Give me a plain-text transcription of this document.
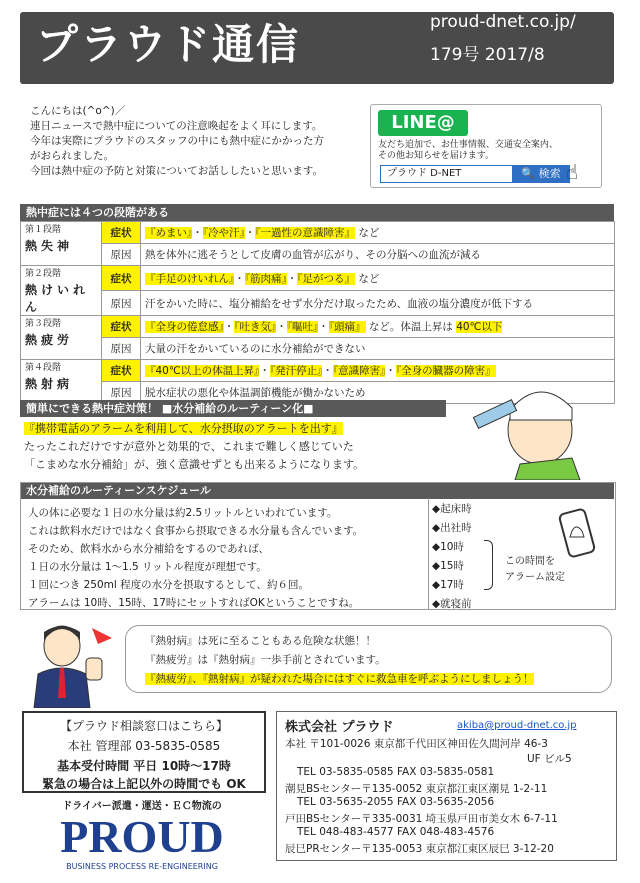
プラウド通信	proud-dnet.co.jp/
179号 2017/8
こんにちは(^o^)／
連日ニュースで熱中症についての注意喚起をよく耳にします。
今年は実際にプラウドのスタッフの中にも熱中症にかかった方
がおられました。
今回は熱中症の予防と対策についてお話ししたいと思います。
LINE@
友だち追加で、お仕事情報、交通安全案内、
その他お知らせを届けます。
プラウド D-NET	🔍 検索 ☝
熱中症には４つの段階がある
第１段階
熱失神	症状	『めまい』・『冷や汗』・『一過性の意識障害』 など
	原因	熱を体外に逃そうとして皮膚の血管が広がり、その分脳への血流が減る
第２段階
熱けいれん	症状	『手足のけいれん』・『筋肉痛』・『足がつる』 など
	原因	汗をかいた時に、塩分補給をせず水分だけ取ったため、血液の塩分濃度が低下する
第３段階
熱疲労	症状	『全身の倦怠感』・『吐き気』・『嘔吐』・『頭痛』 など。体温上昇は 40℃以下
	原因	大量の汗をかいているのに水分補給ができない
第４段階
熱射病	症状	『40℃以上の体温上昇』・『発汗停止』・『意識障害』・『全身の臓器の障害』
	原因	脱水症状の悪化や体温調節機能が働かないため
簡単にできる熱中症対策！ ■水分補給のルーティーン化■
『携帯電話のアラームを利用して、水分摂取のアラートを出す』
たったこれだけですが意外と効果的で、これまで難しく感じていた
「こまめな水分補給」が、強く意識せずとも出来るようになります。
水分補給のルーティーンスケジュール
人の体に必要な１日の水分量は約2.5リットルといわれています。
これは飲料水だけではなく食事から摂取できる水分量も含んでいます。
そのため、飲料水から水分補給をするのであれば、
１日の水分量は 1～1.5 リットル程度が理想です。
１回につき 250ml 程度の水分を摂取するとして、約６回。
アラームは 10時、15時、17時にセットすればOKということですね。
◆起床時
◆出社時
◆10時
◆15時
◆17時
◆就寝前
この時間を
アラーム設定
『熱射病』は死に至ることもある危険な状態！！
『熱疲労』は『熱射病』一歩手前とされています。
『熱疲労』、『熱射病』が疑われた場合にはすぐに救急車を呼ぶようにしましょう！
【プラウド相談窓口はこちら】
本社 管理部 03-5835-0585
基本受付時間 平日 10時～17時
緊急の場合は上記以外の時間でも OK
ドライバー派遣・運送・ＥＣ物流の
PROUD
BUSINESS PROCESS RE-ENGINEERING
株式会社 プラウド	akiba@proud-dnet.co.jp
本社 〒101-0026 東京都千代田区神田佐久間河岸 46-3
UF ビル5
TEL 03-5835-0585 FAX 03-5835-0581
潮見BSセンター〒135-0052 東京都江東区潮見 1-2-11
TEL 03-5635-2055 FAX 03-5635-2056
戸田BSセンター〒335-0031 埼玉県戸田市美女木 6-7-11
TEL 048-483-4577 FAX 048-483-4576
辰巳PRセンター〒135-0053 東京都江東区辰巳 3-12-20
